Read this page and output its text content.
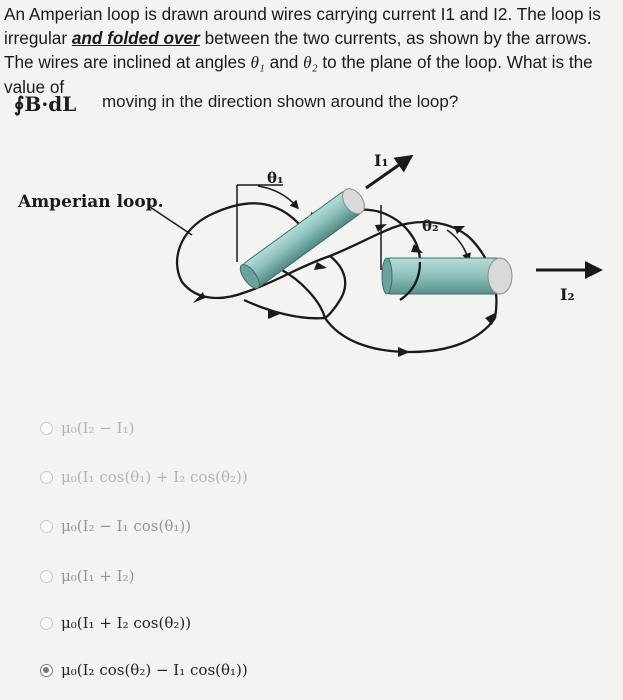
An Amperian loop is drawn around wires carrying current I1 and I2. The loop is irregular and folded over between the two currents, as shown by the arrows. The wires are inclined at angles θ₁ and θ₂ to the plane of the loop. What is the value of
∮B·dL moving in the direction shown around the loop?
Amperian loop.
θ₁
θ₂
I₁
I₂
μ₀(I₂ − I₁)
μ₀(I₁ cos(θ₁) + I₂ cos(θ₂))
μ₀(I₂ − I₁ cos(θ₁))
μ₀(I₁ + I₂)
μ₀(I₁ + I₂ cos(θ₂))
μ₀(I₂ cos(θ₂) − I₁ cos(θ₁))
